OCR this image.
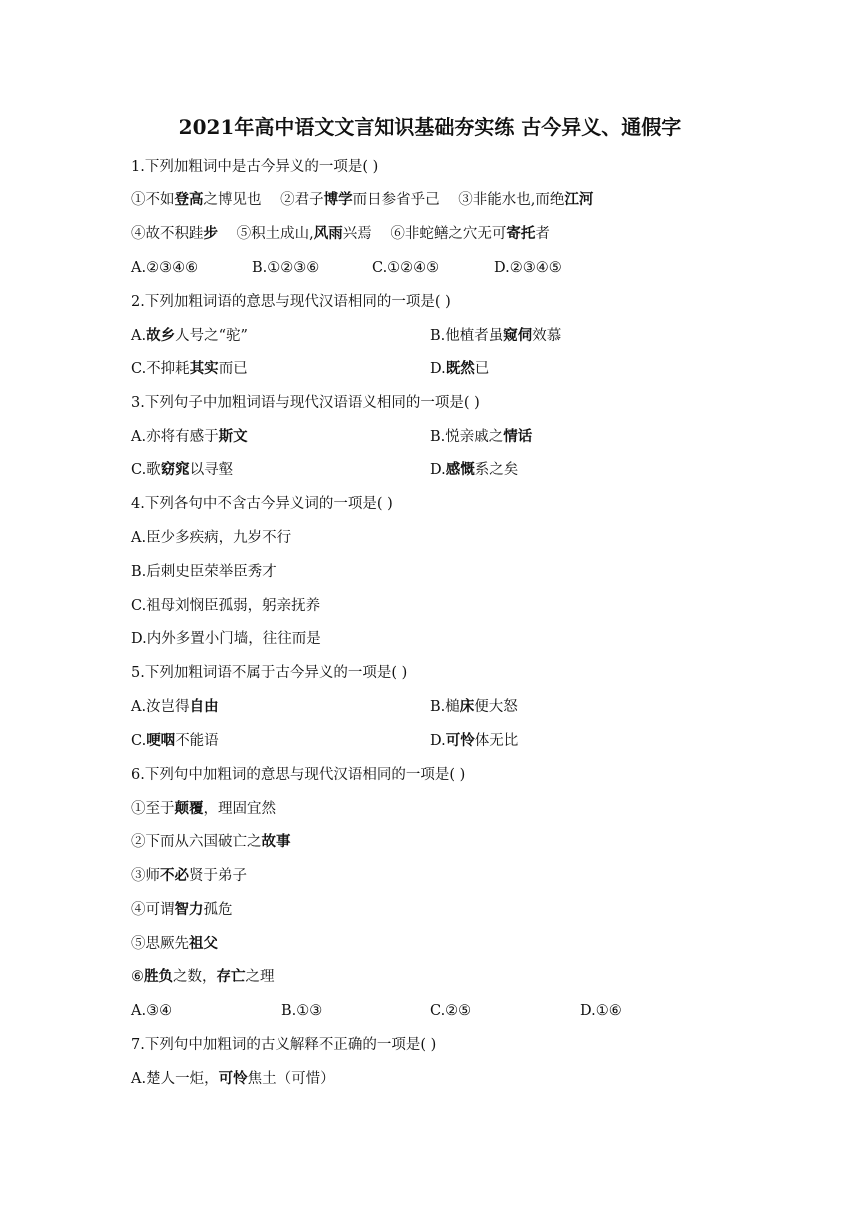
2021年高中语文文言知识基础夯实练 古今异义、通假字
1.下列加粗词中是古今异义的一项是( )
①不如登高之博见也 ②君子博学而日参省乎己 ③非能水也,而绝江河
④故不积跬步 ⑤积土成山,风雨兴焉 ⑥非蛇鳝之穴无可寄托者
A.②③④⑥	B.①②③⑥	C.①②④⑤	D.②③④⑤
2.下列加粗词语的意思与现代汉语相同的一项是( )
A.故乡人号之“驼”	B.他植者虽窥伺效慕
C.不抑耗其实而已	D.既然已
3.下列句子中加粗词语与现代汉语语义相同的一项是( )
A.亦将有感于斯文	B.悦亲戚之情话
C.歌窈窕以寻壑	D.感慨系之矣
4.下列各句中不含古今异义词的一项是( )
A.臣少多疾病，九岁不行
B.后刺史臣荣举臣秀才
C.祖母刘悯臣孤弱，躬亲抚养
D.内外多置小门墙，往往而是
5.下列加粗词语不属于古今异义的一项是( )
A.汝岂得自由	B.槌床便大怒
C.哽咽不能语	D.可怜体无比
6.下列句中加粗词的意思与现代汉语相同的一项是( )
①至于颠覆，理固宜然
②下而从六国破亡之故事
③师不必贤于弟子
④可谓智力孤危
⑤思厥先祖父
⑥胜负之数，存亡之理
A.③④	B.①③	C.②⑤	D.①⑥
7.下列句中加粗词的古义解释不正确的一项是( )
A.楚人一炬，可怜焦土（可惜）
